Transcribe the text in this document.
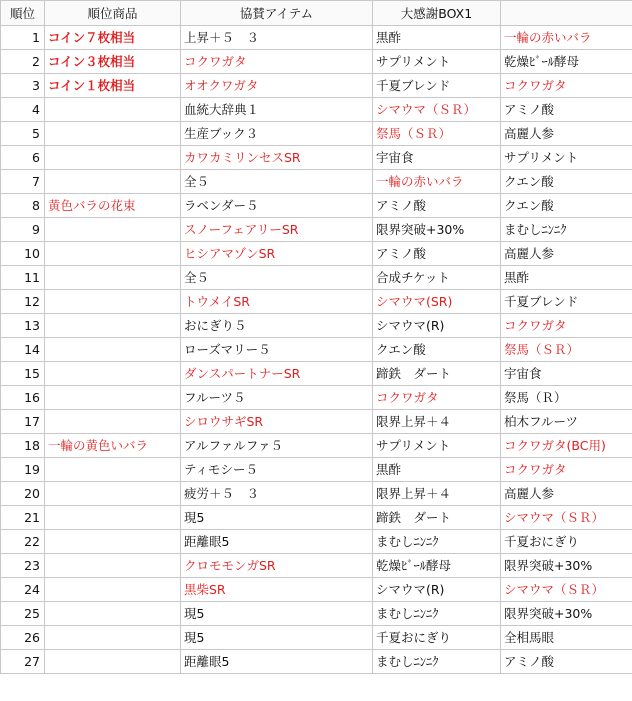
順位	順位商品	協賛アイテム	大感謝BOX1	
1	コイン７枚相当	上昇＋５　３	黒酢	一輪の赤いバラ
2	コイン３枚相当	コクワガタ	サプリメント	乾燥ﾋﾞｰﾙ酵母
3	コイン１枚相当	オオクワガタ	千夏ブレンド	コクワガタ
4		血統大辞典１	シマウマ（ＳＲ）	アミノ酸
5		生産ブック３	祭馬（ＳＲ）	高麗人参
6		カワカミリンセスSR	宇宙食	サプリメント
7		全５	一輪の赤いバラ	クエン酸
8	黄色バラの花束	ラベンダー５	アミノ酸	クエン酸
9		スノーフェアリーSR	限界突破+30%	まむしﾆﾝﾆｸ
10		ヒシアマゾンSR	アミノ酸	高麗人参
11		全５	合成チケット	黒酢
12		トウメイSR	シマウマ(SR)	千夏ブレンド
13		おにぎり５	シマウマ(R)	コクワガタ
14		ローズマリー５	クエン酸	祭馬（ＳＲ）
15		ダンスパートナーSR	蹄鉄　ダート	宇宙食
16		フルーツ５	コクワガタ	祭馬（Ｒ）
17		シロウサギSR	限界上昇＋４	柏木フルーツ
18	一輪の黄色いバラ	アルファルファ５	サプリメント	コクワガタ(BC用)
19		ティモシー５	黒酢	コクワガタ
20		疲労＋５　３	限界上昇＋４	高麗人参
21		現5	蹄鉄　ダート	シマウマ（ＳＲ）
22		距離眼5	まむしﾆﾝﾆｸ	千夏おにぎり
23		クロモモンガSR	乾燥ﾋﾞｰﾙ酵母	限界突破+30%
24		黒柴SR	シマウマ(R)	シマウマ（ＳＲ）
25		現5	まむしﾆﾝﾆｸ	限界突破+30%
26		現5	千夏おにぎり	全相馬眼
27		距離眼5	まむしﾆﾝﾆｸ	アミノ酸
